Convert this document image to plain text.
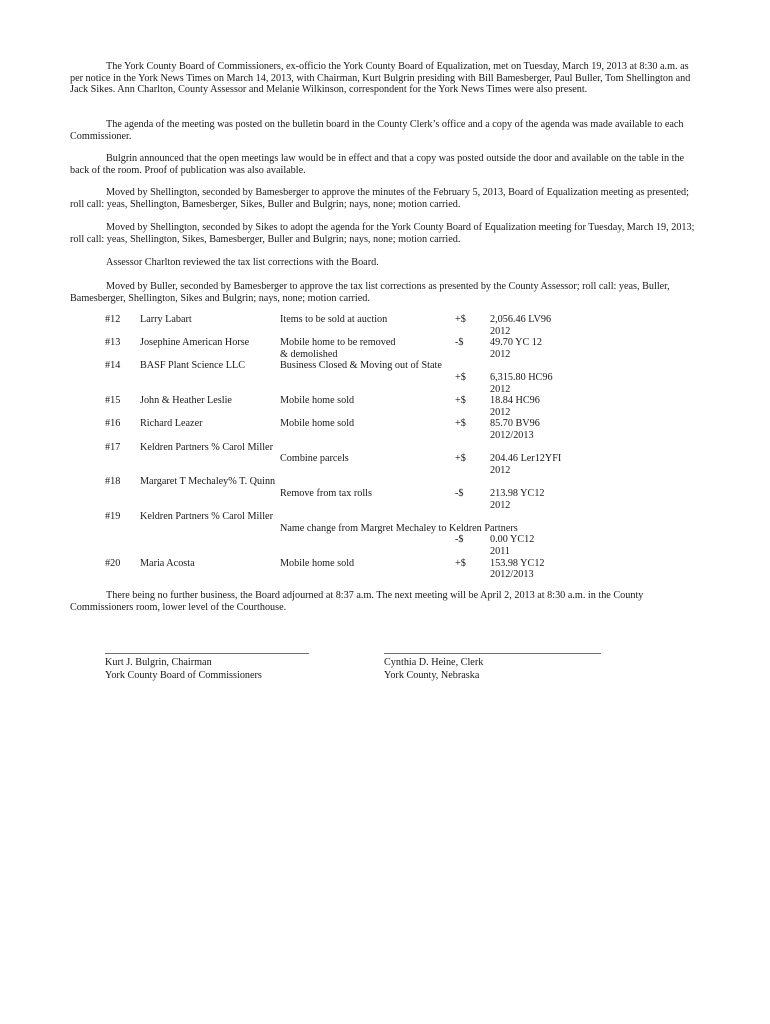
The York County Board of Commissioners, ex-officio the York County Board of Equalization, met on Tuesday, March 19, 2013 at 8:30 a.m. as per notice in the York News Times on March 14, 2013, with Chairman, Kurt Bulgrin presiding with Bill Bamesberger, Paul Buller, Tom Shellington and Jack Sikes. Ann Charlton, County Assessor and Melanie Wilkinson, correspondent for the York News Times were also present.

The agenda of the meeting was posted on the bulletin board in the County Clerk’s office and a copy of the agenda was made available to each Commissioner.

Bulgrin announced that the open meetings law would be in effect and that a copy was posted outside the door and available on the table in the back of the room. Proof of publication was also available.

Moved by Shellington, seconded by Bamesberger to approve the minutes of the February 5, 2013, Board of Equalization meeting as presented; roll call: yeas, Shellington, Bamesberger, Sikes, Buller and Bulgrin; nays, none; motion carried.

Moved by Shellington, seconded by Sikes to adopt the agenda for the York County Board of Equalization meeting for Tuesday, March 19, 2013; roll call: yeas, Shellington, Sikes, Bamesberger, Buller and Bulgrin; nays, none; motion carried.

Assessor Charlton reviewed the tax list corrections with the Board.

Moved by Buller, seconded by Bamesberger to approve the tax list corrections as presented by the County Assessor; roll call: yeas, Buller, Bamesberger, Shellington, Sikes and Bulgrin; nays, none; motion carried.

#12 Larry Labart	Items to be sold at auction	+$ 2,056.46 LV96
2012
#13 Josephine American Horse	Mobile home to be removed	-$	49.70 YC 12
& demolished	2012
#14 BASF Plant Science LLC	Business Closed & Moving out of State
+$ 6,315.80 HC96
2012
#15 John & Heather Leslie	Mobile home sold	+$ 18.84 HC96
2012
#16 Richard Leazer	Mobile home sold	+$ 85.70 BV96
2012/2013
#17 Keldren Partners % Carol Miller
Combine parcels	+$ 204.46 Ler12YFI
2012
#18 Margaret T Mechaley% T. Quinn
Remove from tax rolls	-$	213.98 YC12
2012
#19 Keldren Partners % Carol Miller
Name change from Margret Mechaley to Keldren Partners
-$	0.00 YC12
2011
#20 Maria Acosta	Mobile home sold	+$ 153.98 YC12
2012/2013

There being no further business, the Board adjourned at 8:37 a.m. The next meeting will be April 2, 2013 at 8:30 a.m. in the County Commissioners room, lower level of the Courthouse.

Kurt J. Bulgrin, Chairman
York County Board of Commissioners
Cynthia D. Heine, Clerk
York County, Nebraska
